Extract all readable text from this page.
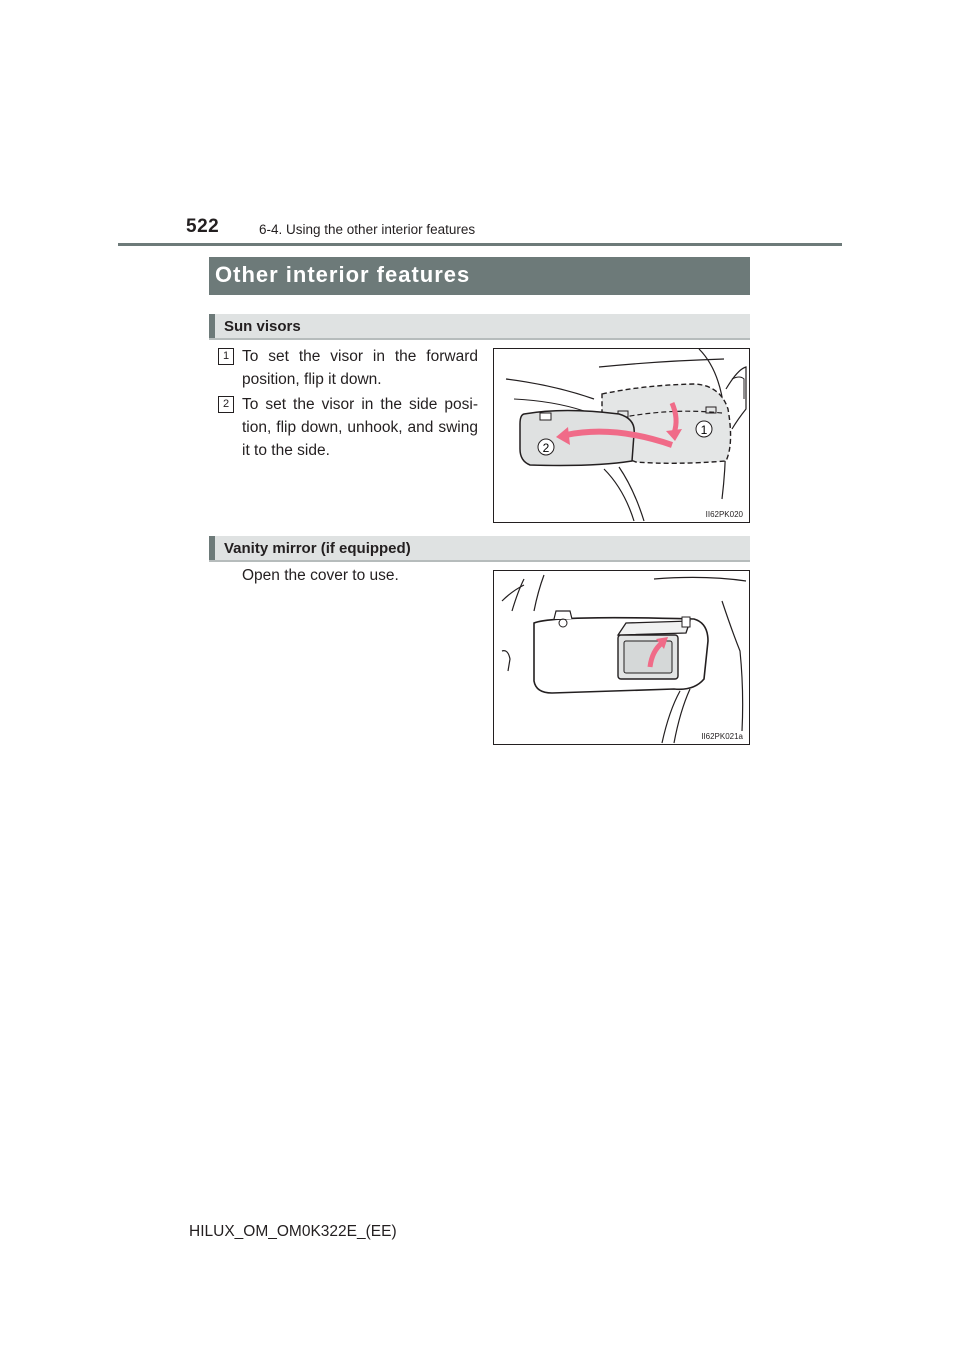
522	6-4. Using the other interior features
Other interior features
Sun visors
1 To set the visor in the forward position, flip it down.
2 To set the visor in the side posi- tion, flip down, unhook, and swing it to the side.
1
2
II62PK020
Vanity mirror (if equipped)
Open the cover to use.
II62PK021a
HILUX_OM_OM0K322E_(EE)
